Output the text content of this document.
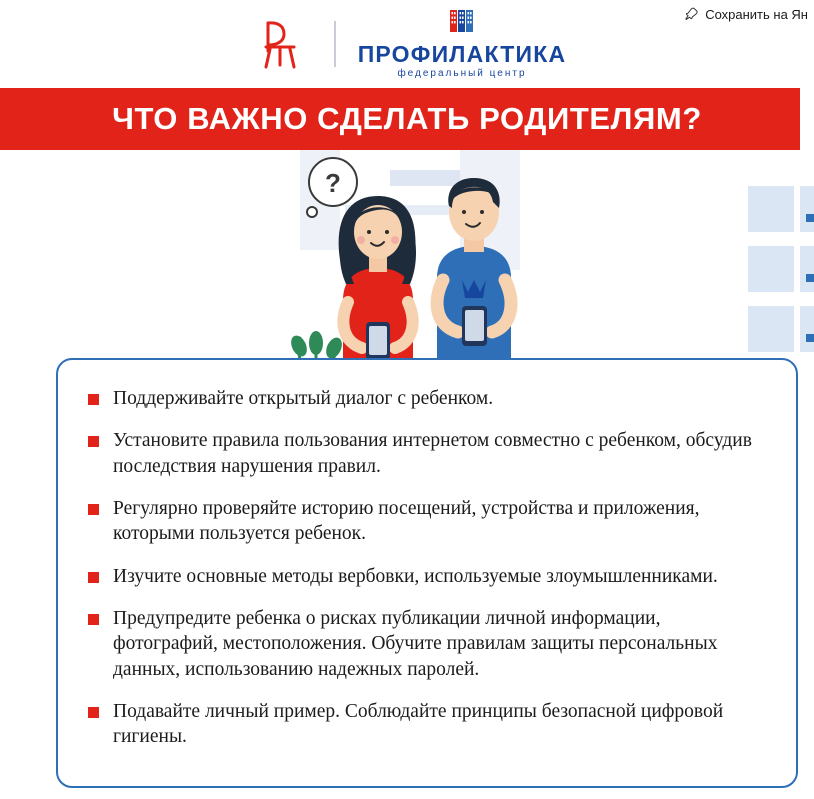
Сохранить на Ян
ПРОФИЛАКТИКА
федеральный центр
ЧТО ВАЖНО СДЕЛАТЬ РОДИТЕЛЯМ?
?
Поддерживайте открытый диалог с ребенком.
Установите правила пользования интернетом совместно с ребенком, обсудив последствия нарушения правил.
Регулярно проверяйте историю посещений, устройства и приложения, которыми пользуется ребенок.
Изучите основные методы вербовки, используемые злоумышленниками.
Предупредите ребенка о рисках публикации личной информации, фотографий, местоположения. Обучите правилам защиты персональных данных, использованию надежных паролей.
Подавайте личный пример. Соблюдайте принципы безопасной цифровой гигиены.
